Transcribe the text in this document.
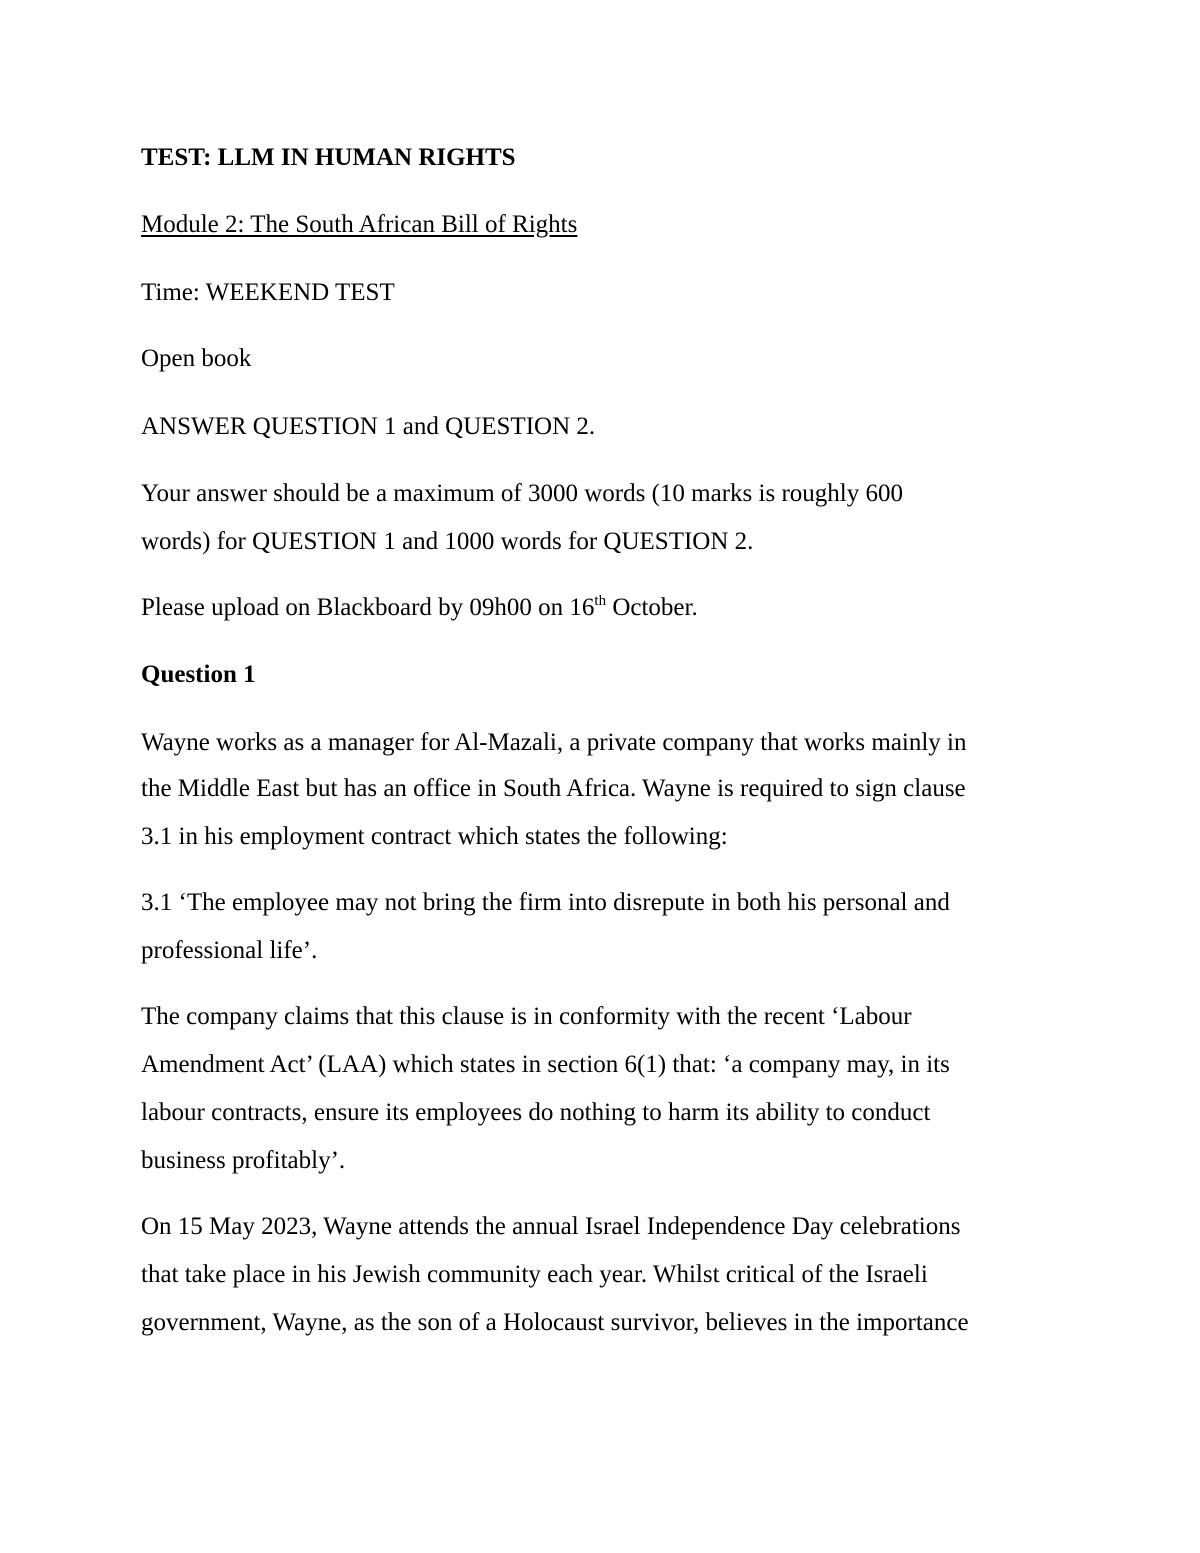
TEST: LLM IN HUMAN RIGHTS
Module 2: The South African Bill of Rights
Time: WEEKEND TEST
Open book
ANSWER QUESTION 1 and QUESTION 2.
Your answer should be a maximum of 3000 words (10 marks is roughly 600
words) for QUESTION 1 and 1000 words for QUESTION 2.
Please upload on Blackboard by 09h00 on 16th October.
Question 1
Wayne works as a manager for Al-Mazali, a private company that works mainly in
the Middle East but has an office in South Africa. Wayne is required to sign clause
3.1 in his employment contract which states the following:
3.1 ‘The employee may not bring the firm into disrepute in both his personal and
professional life’.
The company claims that this clause is in conformity with the recent ‘Labour
Amendment Act’ (LAA) which states in section 6(1) that: ‘a company may, in its
labour contracts, ensure its employees do nothing to harm its ability to conduct
business profitably’.
On 15 May 2023, Wayne attends the annual Israel Independence Day celebrations
that take place in his Jewish community each year. Whilst critical of the Israeli
government, Wayne, as the son of a Holocaust survivor, believes in the importance
